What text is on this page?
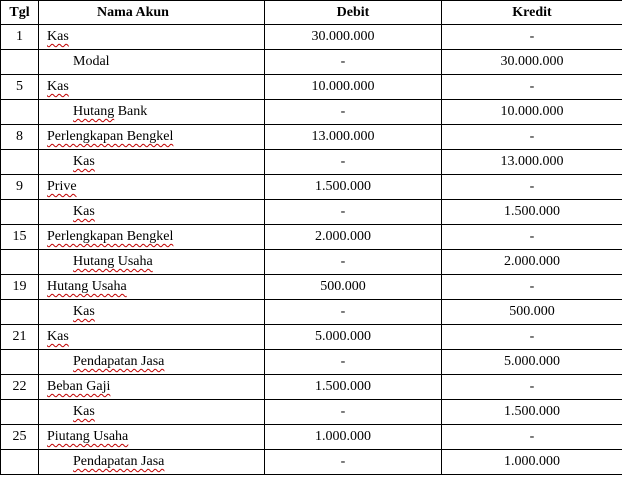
Tgl	Nama Akun	Debit	Kredit
1	Kas	30.000.000	-
	Modal	-	30.000.000
5	Kas	10.000.000	-
	Hutang Bank	-	10.000.000
8	Perlengkapan Bengkel	13.000.000	-
	Kas	-	13.000.000
9	Prive	1.500.000	-
	Kas	-	1.500.000
15	Perlengkapan Bengkel	2.000.000	-
	Hutang Usaha	-	2.000.000
19	Hutang Usaha	500.000	-
	Kas	-	500.000
21	Kas	5.000.000	-
	Pendapatan Jasa	-	5.000.000
22	Beban Gaji	1.500.000	-
	Kas	-	1.500.000
25	Piutang Usaha	1.000.000	-
	Pendapatan Jasa	-	1.000.000
